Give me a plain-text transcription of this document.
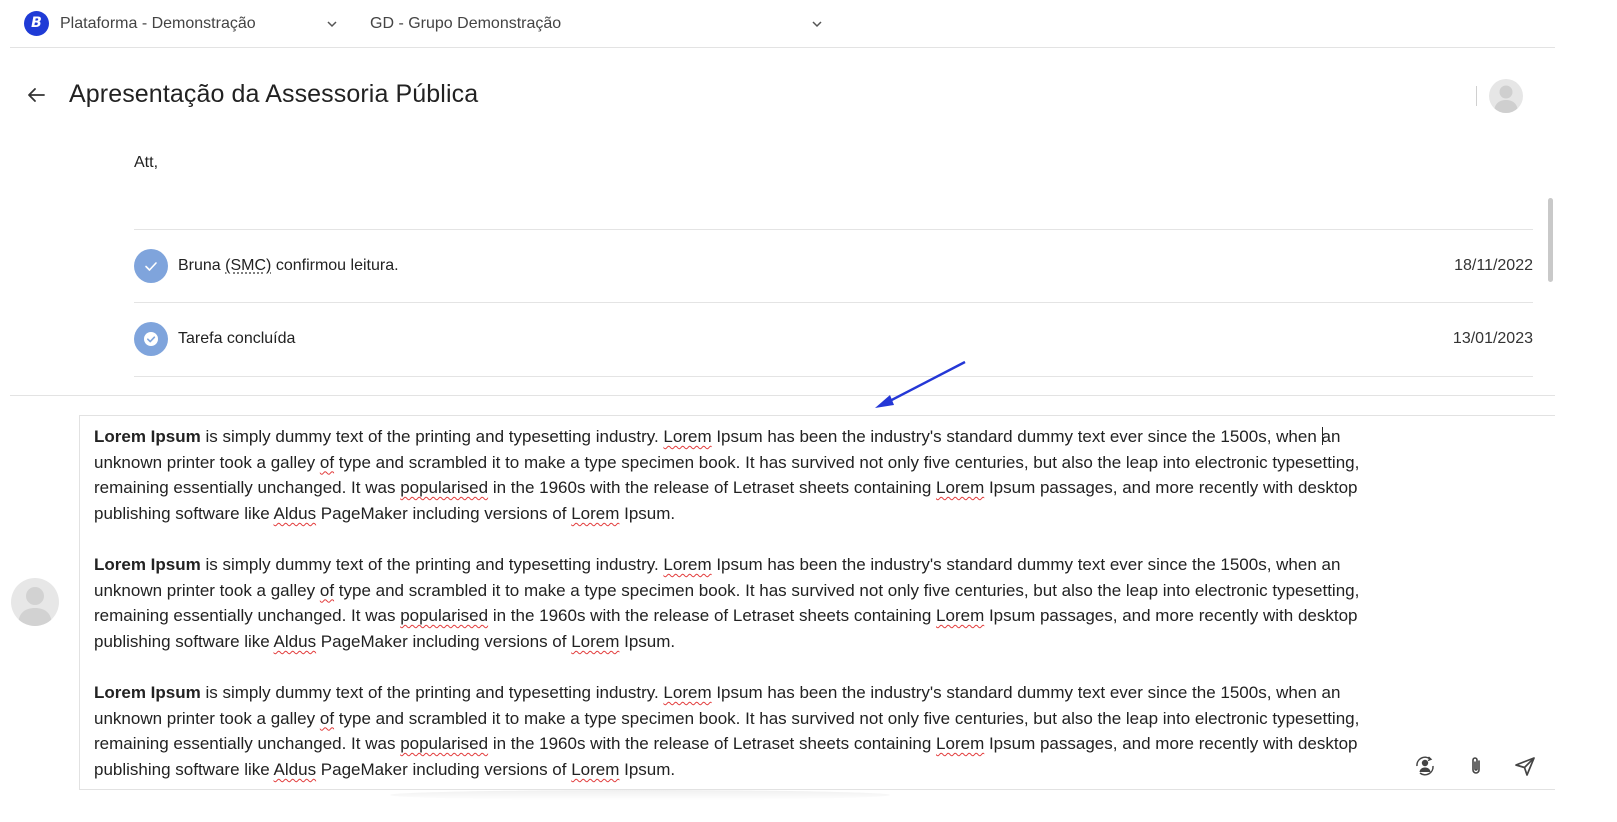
B	Plataforma - Demonstração	GD - Grupo Demonstração
Apresentação da Assessoria Pública
Att,
Bruna (SMC) confirmou leitura.	18/11/2022
Tarefa concluída	13/01/2023
Lorem Ipsum is simply dummy text of the printing and typesetting industry. Lorem Ipsum has been the industry's standard dummy text ever since the 1500s, when an unknown printer took a galley of type and scrambled it to make a type specimen book. It has survived not only five centuries, but also the leap into electronic typesetting, remaining essentially unchanged. It was popularised in the 1960s with the release of Letraset sheets containing Lorem Ipsum passages, and more recently with desktop publishing software like Aldus PageMaker including versions of Lorem Ipsum.
Lorem Ipsum is simply dummy text of the printing and typesetting industry. Lorem Ipsum has been the industry's standard dummy text ever since the 1500s, when an unknown printer took a galley of type and scrambled it to make a type specimen book. It has survived not only five centuries, but also the leap into electronic typesetting, remaining essentially unchanged. It was popularised in the 1960s with the release of Letraset sheets containing Lorem Ipsum passages, and more recently with desktop publishing software like Aldus PageMaker including versions of Lorem Ipsum.
Lorem Ipsum is simply dummy text of the printing and typesetting industry. Lorem Ipsum has been the industry's standard dummy text ever since the 1500s, when an unknown printer took a galley of type and scrambled it to make a type specimen book. It has survived not only five centuries, but also the leap into electronic typesetting, remaining essentially unchanged. It was popularised in the 1960s with the release of Letraset sheets containing Lorem Ipsum passages, and more recently with desktop publishing software like Aldus PageMaker including versions of Lorem Ipsum.
